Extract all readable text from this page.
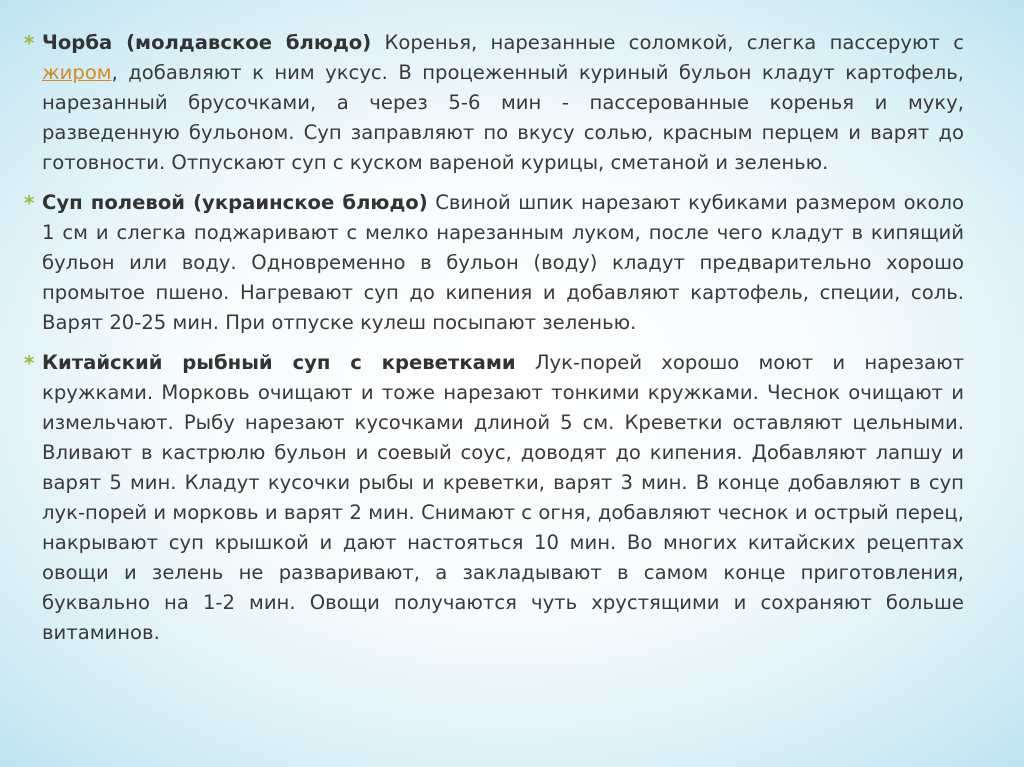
* Чорба (молдавское блюдо) Коренья, нарезанные соломкой, слегка пассеруют с жиром, добавляют к ним уксус. В процеженный куриный бульон кладут картофель, нарезанный брусочками, а через 5-6 мин - пассерованные коренья и муку, разведенную бульоном. Суп заправляют по вкусу солью, красным перцем и варят до готовности. Отпускают суп с куском вареной курицы, сметаной и зеленью.

* Суп полевой (украинское блюдо) Свиной шпик нарезают кубиками размером около 1 см и слегка поджаривают с мелко нарезанным луком, после чего кладут в кипящий бульон или воду. Одновременно в бульон (воду) кладут предварительно хорошо промытое пшено. Нагревают суп до кипения и добавляют картофель, специи, соль. Варят 20-25 мин. При отпуске кулеш посыпают зеленью.

* Китайский рыбный суп с креветками Лук-порей хорошо моют и нарезают кружками. Морковь очищают и тоже нарезают тонкими кружками. Чеснок очищают и измельчают. Рыбу нарезают кусочками длиной 5 см. Креветки оставляют цельными. Вливают в кастрюлю бульон и соевый соус, доводят до кипения. Добавляют лапшу и варят 5 мин. Кладут кусочки рыбы и креветки, варят 3 мин. В конце добавляют в суп лук-порей и морковь и варят 2 мин. Снимают с огня, добавляют чеснок и острый перец, накрывают суп крышкой и дают настояться 10 мин. Во многих китайских рецептах овощи и зелень не разваривают, а закладывают в самом конце приготовления, буквально на 1-2 мин. Овощи получаются чуть хрустящими и сохраняют больше витаминов.
